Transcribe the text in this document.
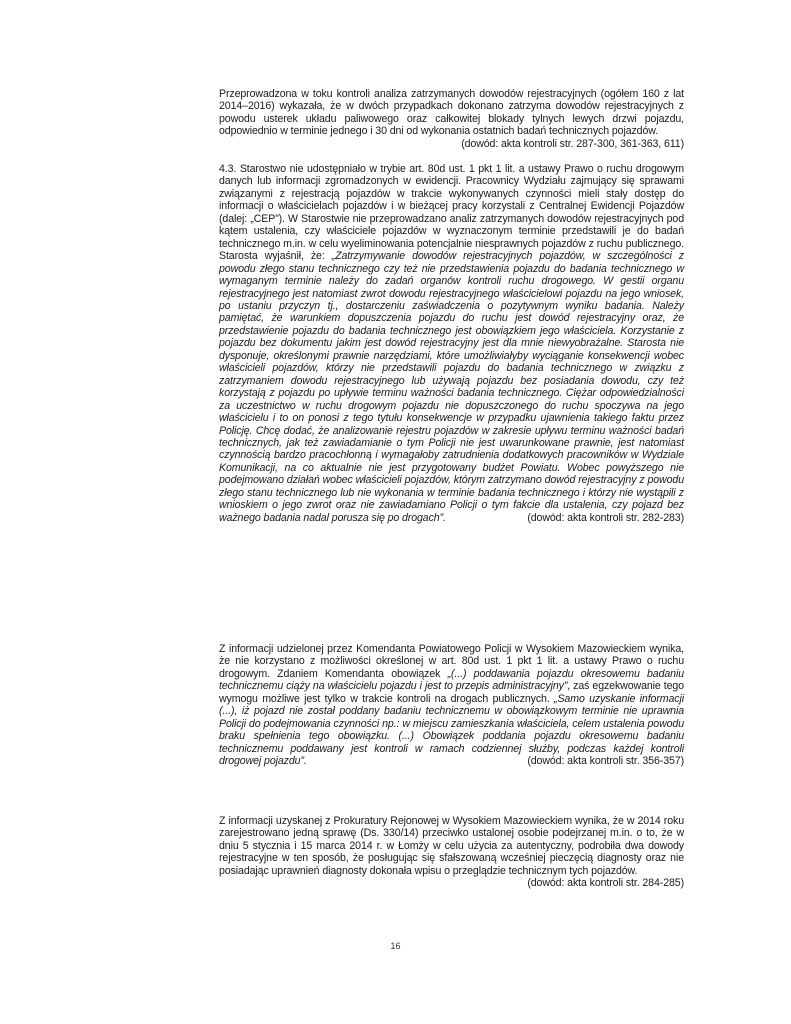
Przeprowadzona w toku kontroli analiza zatrzymanych dowodów rejestracyjnych (ogółem 160 z lat 2014–2016) wykazała, że w dwóch przypadkach dokonano zatrzyma dowodów rejestracyjnych z powodu usterek układu paliwowego oraz całkowitej blokady tylnych lewych drzwi pojazdu, odpowiednio w terminie jednego i 30 dni od wykonania ostatnich badań technicznych pojazdów.
(dowód: akta kontroli str. 287-300, 361-363, 611)

4.3. Starostwo nie udostępniało w trybie art. 80d ust. 1 pkt 1 lit. a ustawy Prawo o ruchu drogowym danych lub informacji zgromadzonych w ewidencji. Pracownicy Wydziału zajmujący się sprawami związanymi z rejestracją pojazdów w trakcie wykonywanych czynności mieli stały dostęp do informacji o właścicielach pojazdów i w bieżącej pracy korzystali z Centralnej Ewidencji Pojazdów (dalej: „CEP”). W Starostwie nie przeprowadzano analiz zatrzymanych dowodów rejestracyjnych pod kątem ustalenia, czy właściciele pojazdów w wyznaczonym terminie przedstawili je do badań technicznego m.in. w celu wyeliminowania potencjalnie niesprawnych pojazdów z ruchu publicznego. Starosta wyjaśnił, że: „Zatrzymywanie dowodów rejestracyjnych pojazdów, w szczególności z powodu złego stanu technicznego czy też nie przedstawienia pojazdu do badania technicznego w wymaganym terminie należy do zadań organów kontroli ruchu drogowego. W gestii organu rejestracyjnego jest natomiast zwrot dowodu rejestracyjnego właścicielowi pojazdu na jego wniosek, po ustaniu przyczyn tj., dostarczeniu zaświadczenia o pozytywnym wyniku badania. Należy pamiętać, że warunkiem dopuszczenia pojazdu do ruchu jest dowód rejestracyjny oraz, że przedstawienie pojazdu do badania technicznego jest obowiązkiem jego właściciela. Korzystanie z pojazdu bez dokumentu jakim jest dowód rejestracyjny jest dla mnie niewyobrażalne. Starosta nie dysponuje, określonymi prawnie narzędziami, które umożliwiałyby wyciąganie konsekwencji wobec właścicieli pojazdów, którzy nie przedstawili pojazdu do badania technicznego w związku z zatrzymaniem dowodu rejestracyjnego lub używają pojazdu bez posiadania dowodu, czy też korzystają z pojazdu po upływie terminu ważności badania technicznego. Ciężar odpowiedzialności za uczestnictwo w ruchu drogowym pojazdu nie dopuszczonego do ruchu spoczywa na jego właścicielu i to on ponosi z tego tytułu konsekwencje w przypadku ujawnienia takiego faktu przez Policję. Chcę dodać, że analizowanie rejestru pojazdów w zakresie upływu terminu ważności badań technicznych, jak też zawiadamianie o tym Policji nie jest uwarunkowane prawnie, jest natomiast czynnością bardzo pracochłonną i wymagałoby zatrudnienia dodatkowych pracowników w Wydziale Komunikacji, na co aktualnie nie jest przygotowany budżet Powiatu. Wobec powyższego nie podejmowano działań wobec właścicieli pojazdów, którym zatrzymano dowód rejestracyjny z powodu złego stanu technicznego lub nie wykonania w terminie badania technicznego i którzy nie wystąpili z wnioskiem o jego zwrot oraz nie zawiadamiano Policji o tym fakcie dla ustalenia, czy pojazd bez ważnego badania nadal porusza się po drogach”.	(dowód: akta kontroli str. 282-283)

Z informacji udzielonej przez Komendanta Powiatowego Policji w Wysokiem Mazowieckiem wynika, że nie korzystano z możliwości określonej w art. 80d ust. 1 pkt 1 lit. a ustawy Prawo o ruchu drogowym. Zdaniem Komendanta obowiązek „(...) poddawania pojazdu okresowemu badaniu technicznemu ciąży na właścicielu pojazdu i jest to przepis administracyjny”, zaś egzekwowanie tego wymogu możliwe jest tylko w trakcie kontroli na drogach publicznych. „Samo uzyskanie informacji (...), iż pojazd nie został poddany badaniu technicznemu w obowiązkowym terminie nie uprawnia Policji do podejmowania czynności np.: w miejscu zamieszkania właściciela, celem ustalenia powodu braku spełnienia tego obowiązku. (...) Obowiązek poddania pojazdu okresowemu badaniu technicznemu poddawany jest kontroli w ramach codziennej służby, podczas każdej kontroli drogowej pojazdu”.	(dowód: akta kontroli str. 356-357)

Z informacji uzyskanej z Prokuratury Rejonowej w Wysokiem Mazowieckiem wynika, że w 2014 roku zarejestrowano jedną sprawę (Ds. 330/14) przeciwko ustalonej osobie podejrzanej m.in. o to, że w dniu 5 stycznia i 15 marca 2014 r. w Łomży w celu użycia za autentyczny, podrobiła dwa dowody rejestracyjne w ten sposób, że posługując się sfałszowaną wcześniej pieczęcią diagnosty oraz nie posiadając uprawnień diagnosty dokonała wpisu o przeglądzie technicznym tych pojazdów.
(dowód: akta kontroli str. 284-285)

16
